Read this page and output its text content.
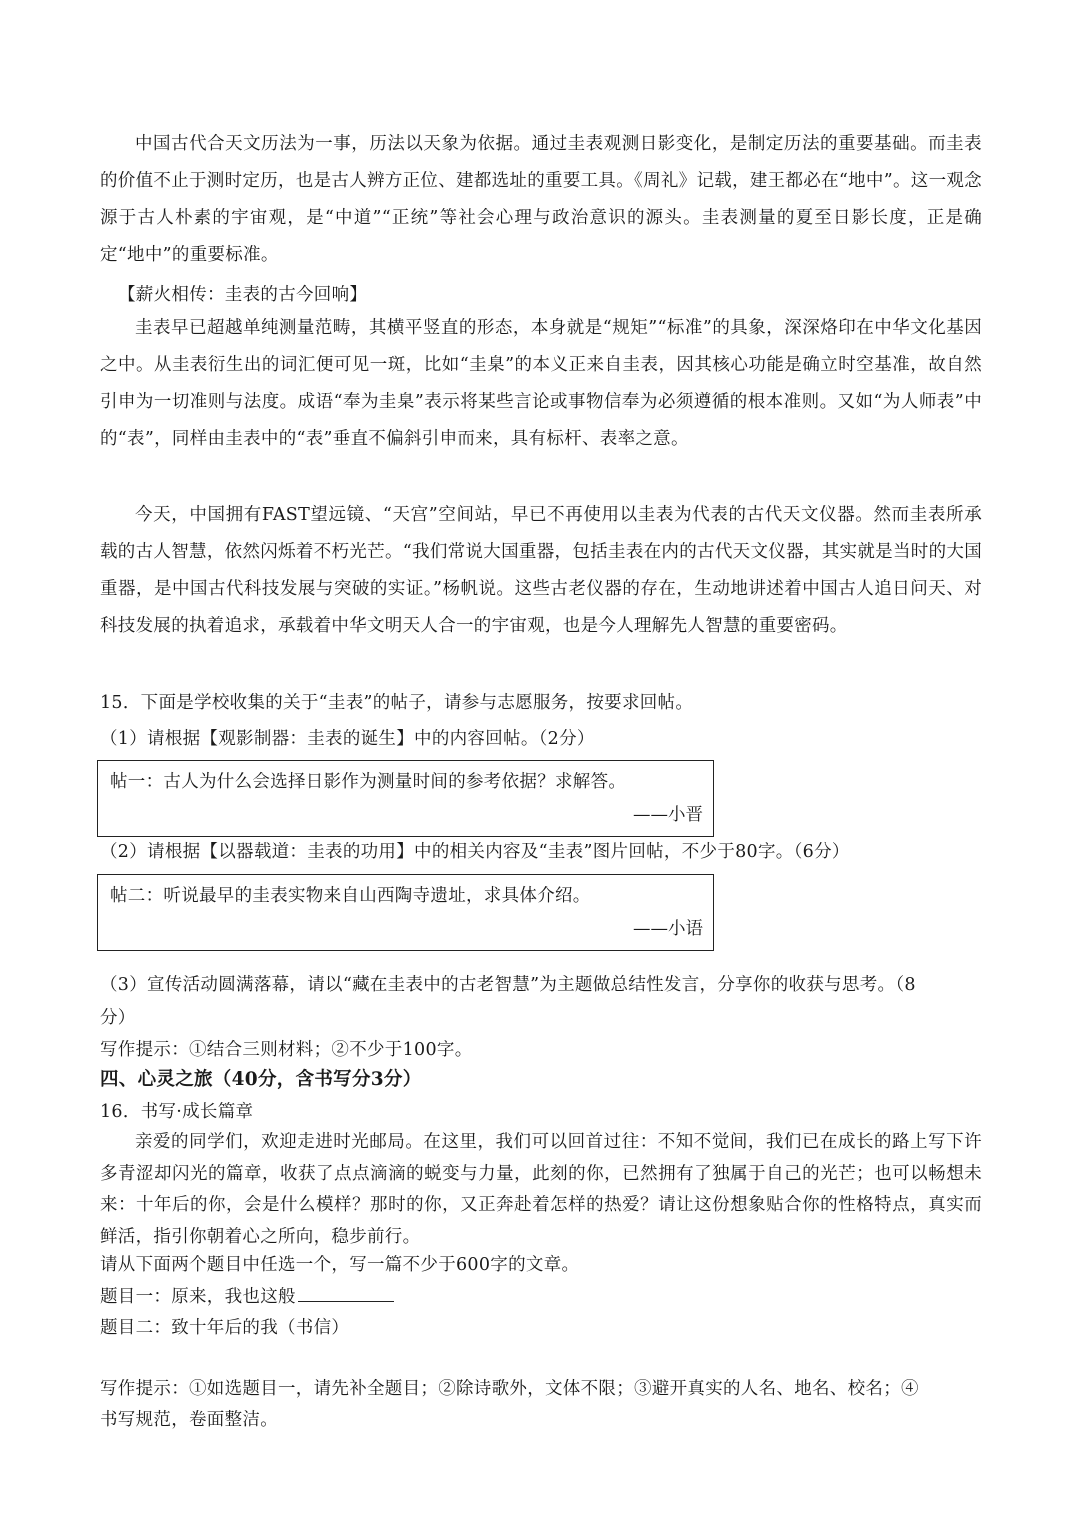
中国古代合天文历法为一事，历法以天象为依据。通过圭表观测日影变化，是制定历法的重要基础。而圭表的价值不止于测时定历，也是古人辨方正位、建都选址的重要工具。《周礼》记载，建王都必在“地中”。这一观念源于古人朴素的宇宙观，是“中道”“正统”等社会心理与政治意识的源头。圭表测量的夏至日影长度，正是确定“地中”的重要标准。

【薪火相传：圭表的古今回响】

圭表早已超越单纯测量范畴，其横平竖直的形态，本身就是“规矩”“标准”的具象，深深烙印在中华文化基因之中。从圭表衍生出的词汇便可见一斑，比如“圭臬”的本义正来自圭表，因其核心功能是确立时空基准，故自然引申为一切准则与法度。成语“奉为圭臬”表示将某些言论或事物信奉为必须遵循的根本准则。又如“为人师表”中的“表”，同样由圭表中的“表”垂直不偏斜引申而来，具有标杆、表率之意。

今天，中国拥有FAST望远镜、“天宫”空间站，早已不再使用以圭表为代表的古代天文仪器。然而圭表所承载的古人智慧，依然闪烁着不朽光芒。“我们常说大国重器，包括圭表在内的古代天文仪器，其实就是当时的大国重器，是中国古代科技发展与突破的实证。”杨帆说。这些古老仪器的存在，生动地讲述着中国古人追日问天、对科技发展的执着追求，承载着中华文明天人合一的宇宙观，也是今人理解先人智慧的重要密码。

15．下面是学校收集的关于“圭表”的帖子，请参与志愿服务，按要求回帖。

（1）请根据【观影制器：圭表的诞生】中的内容回帖。（2分）

帖一：古人为什么会选择日影作为测量时间的参考依据？求解答。
——小晋

（2）请根据【以器载道：圭表的功用】中的相关内容及“圭表”图片回帖，不少于80字。（6分）

帖二：听说最早的圭表实物来自山西陶寺遗址，求具体介绍。
——小语

（3）宣传活动圆满落幕，请以“藏在圭表中的古老智慧”为主题做总结性发言，分享你的收获与思考。（8

分）

写作提示：①结合三则材料；②不少于100字。

四、心灵之旅（40分，含书写分3分）

16．书写·成长篇章

亲爱的同学们，欢迎走进时光邮局。在这里，我们可以回首过往：不知不觉间，我们已在成长的路上写下许多青涩却闪光的篇章，收获了点点滴滴的蜕变与力量，此刻的你，已然拥有了独属于自己的光芒；也可以畅想未来：十年后的你，会是什么模样？那时的你，又正奔赴着怎样的热爱？请让这份想象贴合你的性格特点，真实而鲜活，指引你朝着心之所向，稳步前行。

请从下面两个题目中任选一个，写一篇不少于600字的文章。

题目一：原来，我也这般

题目二：致十年后的我（书信）

写作提示：①如选题目一，请先补全题目；②除诗歌外，文体不限；③避开真实的人名、地名、校名；④

书写规范，卷面整洁。
